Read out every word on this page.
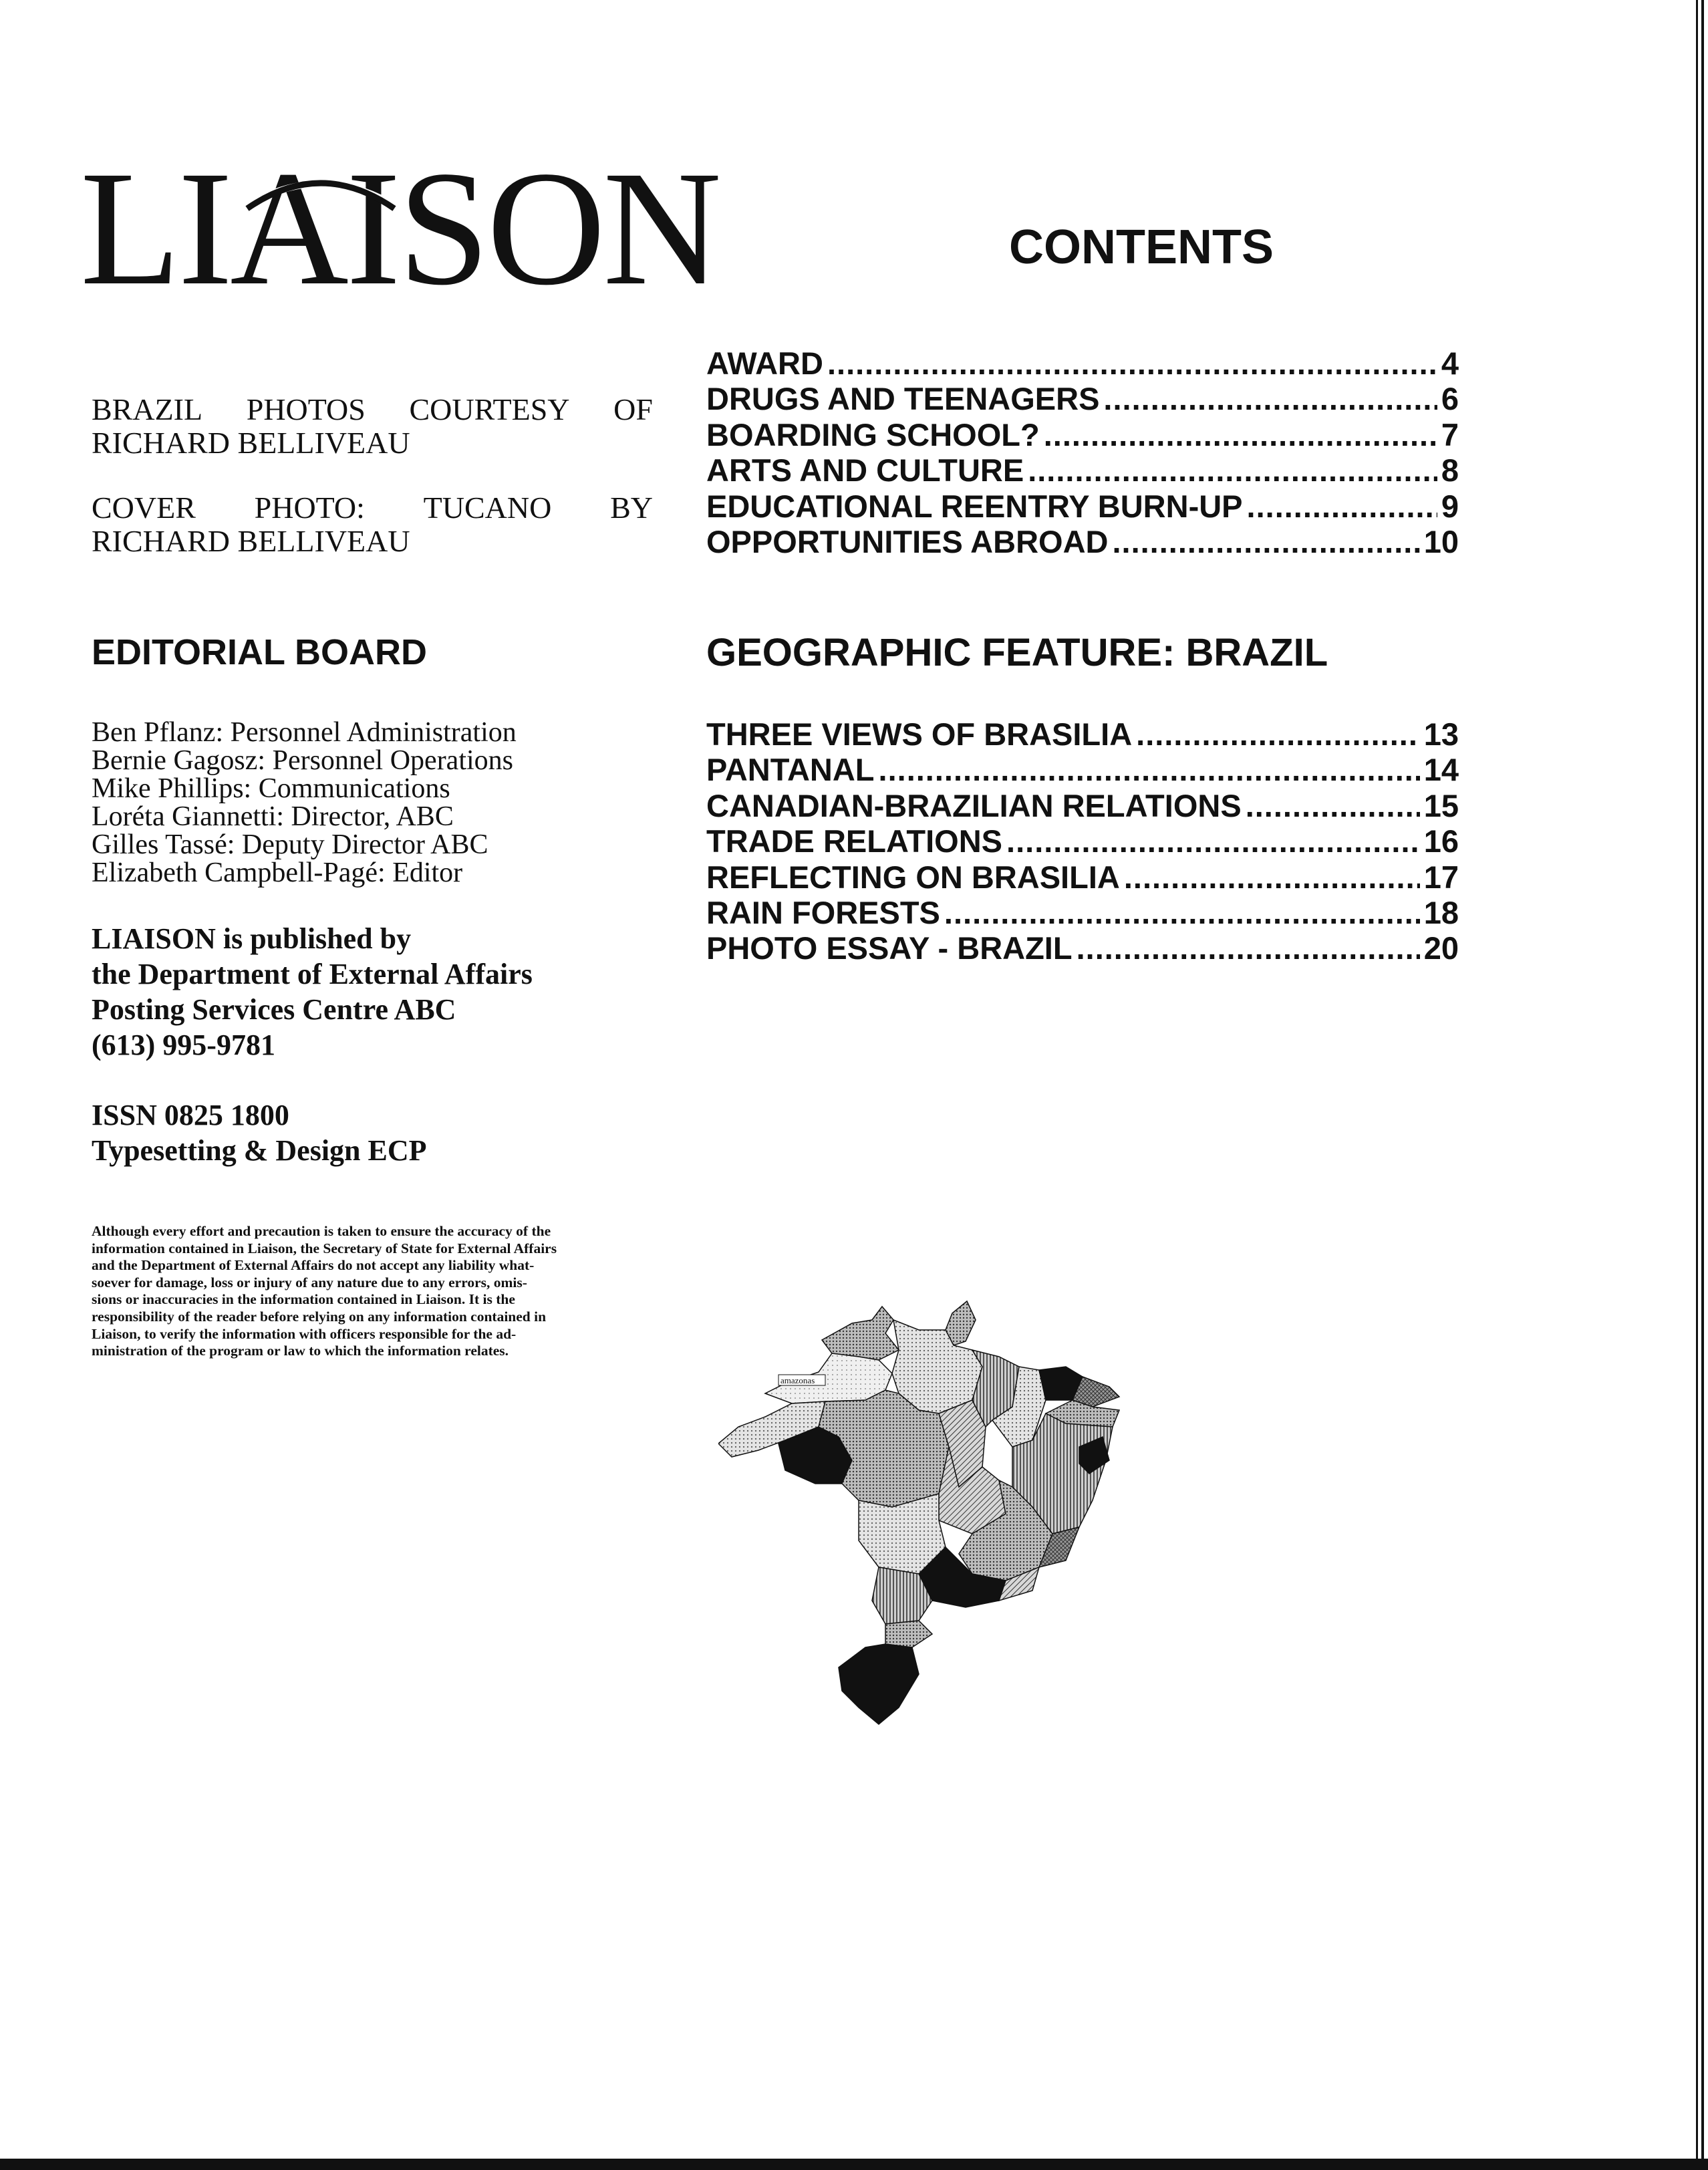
LIAISON
BRAZIL PHOTOS COURTESY OF
RICHARD BELLIVEAU
COVER PHOTO: TUCANO BY
RICHARD BELLIVEAU
EDITORIAL BOARD
Ben Pflanz: Personnel Administration
Bernie Gagosz: Personnel Operations
Mike Phillips: Communications
Loréta Giannetti: Director, ABC
Gilles Tassé: Deputy Director ABC
Elizabeth Campbell-Pagé: Editor
LIAISON is published by
the Department of External Affairs
Posting Services Centre ABC
(613) 995-9781
ISSN 0825 1800
Typesetting & Design ECP
Although every effort and precaution is taken to ensure the accuracy of the
information contained in Liaison, the Secretary of State for External Affairs
and the Department of External Affairs do not accept any liability what-
soever for damage, loss or injury of any nature due to any errors, omis-
sions or inaccuracies in the information contained in Liaison. It is the
responsibility of the reader before relying on any information contained in
Liaison, to verify the information with officers responsible for the ad-
ministration of the program or law to which the information relates.
CONTENTS
AWARD .....	4
DRUGS AND TEENAGERS .....	6
BOARDING SCHOOL? .....	7
ARTS AND CULTURE .....	8
EDUCATIONAL REENTRY BURN-UP .....	9
OPPORTUNITIES ABROAD .....	10
GEOGRAPHIC FEATURE: BRAZIL
THREE VIEWS OF BRASILIA .....	13
PANTANAL .....	14
CANADIAN-BRAZILIAN RELATIONS .....	15
TRADE RELATIONS .....	16
REFLECTING ON BRASILIA .....	17
RAIN FORESTS .....	18
PHOTO ESSAY - BRAZIL .....	20
amazonas
